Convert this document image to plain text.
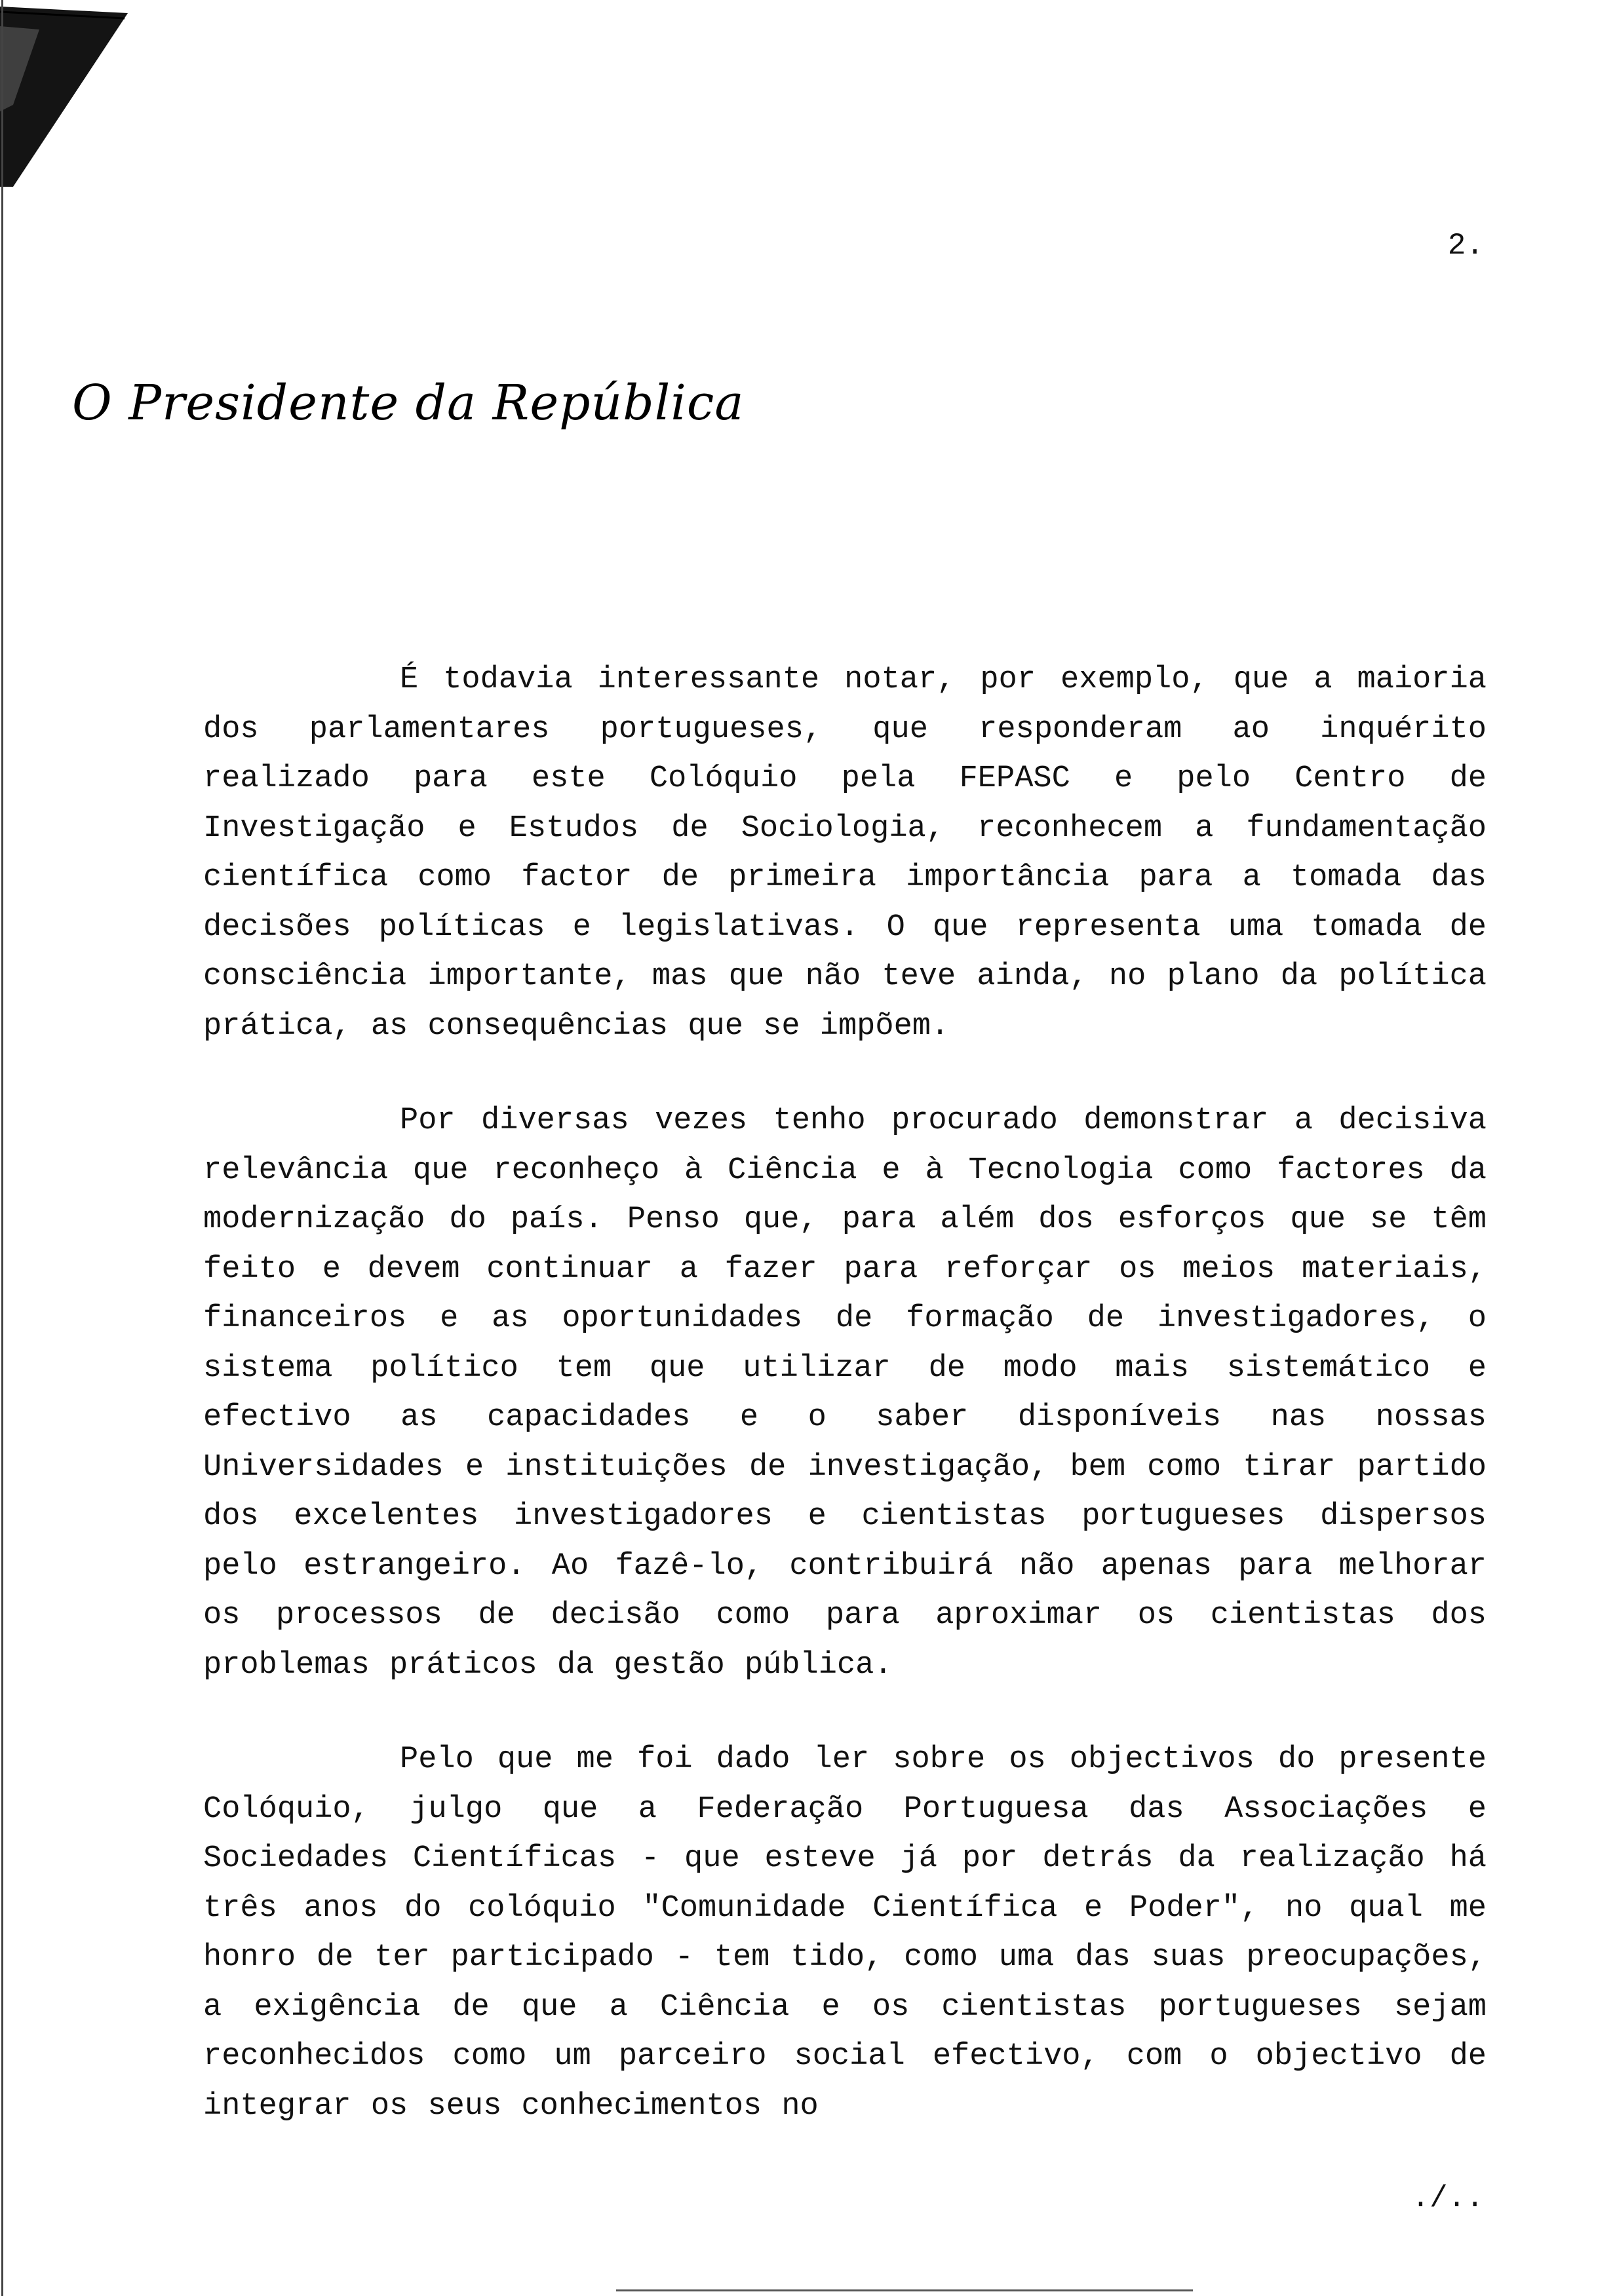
2.
O Presidente da República

É todavia interessante notar, por exemplo, que a maioria dos parlamentares portugueses, que responderam ao inquérito realizado para este Colóquio pela FEPASC e pelo Centro de Investigação e Estudos de Sociologia, reconhecem a fundamentação científica como factor de primeira importância para a tomada das decisões políticas e legislativas. O que representa uma tomada de consciência importante, mas que não teve ainda, no plano da política prática, as consequências que se impõem.

Por diversas vezes tenho procurado demonstrar a decisiva relevância que reconheço à Ciência e à Tecnologia como factores da modernização do país. Penso que, para além dos esforços que se têm feito e devem continuar a fazer para reforçar os meios materiais, financeiros e as oportunidades de formação de investigadores, o sistema político tem que utilizar de modo mais sistemático e efectivo as capacidades e o saber disponíveis nas nossas Universidades e instituições de investigação, bem como tirar partido dos excelentes investigadores e cientistas portugueses dispersos pelo estrangeiro. Ao fazê-lo, contribuirá não apenas para melhorar os processos de decisão como para aproximar os cientistas dos problemas práticos da gestão pública.

Pelo que me foi dado ler sobre os objectivos do presente Colóquio, julgo que a Federação Portuguesa das Associações e Sociedades Científicas - que esteve já por detrás da realização há três anos do colóquio "Comunidade Científica e Poder", no qual me honro de ter participado - tem tido, como uma das suas preocupações, a exigência de que a Ciência e os cientistas portugueses sejam reconhecidos como um parceiro social efectivo, com o objectivo de integrar os seus conhecimentos no

./..
